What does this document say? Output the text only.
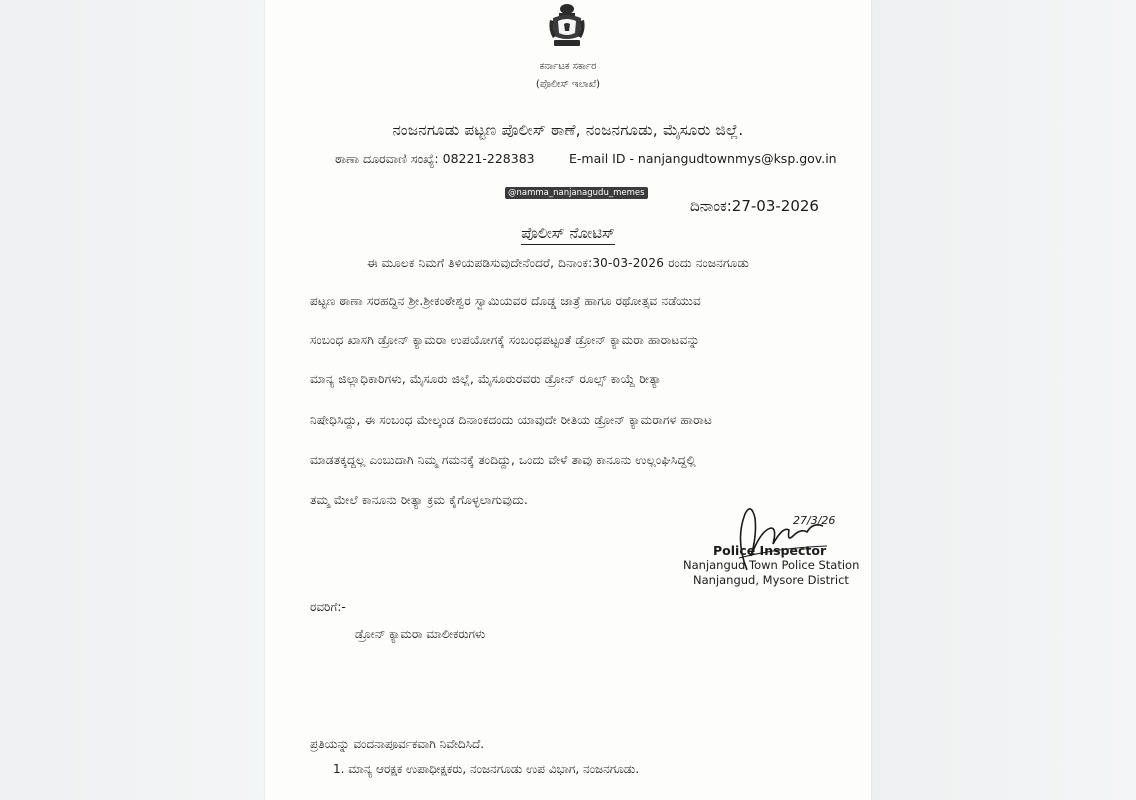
ಕರ್ನಾಟಕ ಸರ್ಕಾರ
(ಪೊಲೀಸ್ ಇಲಾಖೆ)
ನಂಜನಗೂಡು ಪಟ್ಟಣ ಪೊಲೀಸ್ ಠಾಣೆ, ನಂಜನಗೂಡು, ಮೈಸೂರು ಜಿಲ್ಲೆ.
ಠಾಣಾ ದೂರವಾಣಿ ಸಂಖ್ಯೆ: 08221-228383	E-mail ID - nanjangudtownmys@ksp.gov.in
@namma_nanjanagudu_memes
ದಿನಾಂಕ:27-03-2026
ಪೊಲೀಸ್ ನೋಟಿಸ್
ಈ ಮೂಲಕ ನಿಮಗೆ ತಿಳಿಯಪಡಿಸುವುದೇನೆಂದರೆ, ದಿನಾಂಕ:30-03-2026 ರಂದು ನಂಜನಗೂಡು
ಪಟ್ಟಣ ಠಾಣಾ ಸರಹದ್ದಿನ ಶ್ರೀ.ಶ್ರೀಕಂಠೇಶ್ವರ ಸ್ವಾಮಿಯವರ ದೊಡ್ಡ ಜಾತ್ರೆ ಹಾಗೂ ರಥೋತ್ಸವ ನಡೆಯುವ
ಸಂಬಂಧ ಖಾಸಗಿ ಡ್ರೋನ್ ಕ್ಯಾಮರಾ ಉಪಯೋಗಕ್ಕೆ ಸಂಬಂಧಪಟ್ಟಂತೆ ಡ್ರೋನ್ ಕ್ಯಾಮರಾ ಹಾರಾಟವನ್ನು
ಮಾನ್ಯ ಜಿಲ್ಲಾಧಿಕಾರಿಗಳು, ಮೈಸೂರು ಜಿಲ್ಲೆ, ಮೈಸೂರುರವರು ಡ್ರೋನ್ ರೂಲ್ಸ್ ಕಾಯ್ದೆ ರೀತ್ಯಾ
ನಿಷೇಧಿಸಿದ್ದು, ಈ ಸಂಬಂಧ ಮೇಲ್ಕಂಡ ದಿನಾಂಕದಂದು ಯಾವುದೇ ರೀತಿಯ ಡ್ರೋನ್ ಕ್ಯಾಮರಾಗಳ ಹಾರಾಟ
ಮಾಡತಕ್ಕದ್ದಲ್ಲ ಎಂಬುದಾಗಿ ನಿಮ್ಮ ಗಮನಕ್ಕೆ ತಂದಿದ್ದು, ಒಂದು ವೇಳೆ ತಾವು ಕಾನೂನು ಉಲ್ಲಂಘಿಸಿದ್ದಲ್ಲಿ
ತಮ್ಮ ಮೇಲೆ ಕಾನೂನು ರೀತ್ಯಾ ಕ್ರಮ ಕೈಗೊಳ್ಳಲಾಗುವುದು.
27/3/26
Police Inspector
Nanjangud Town Police Station
Nanjangud, Mysore District
ರವರಿಗೆ:-
ಡ್ರೋನ್ ಕ್ಯಾಮರಾ ಮಾಲೀಕರುಗಳು
ಪ್ರತಿಯನ್ನು ವಂದನಾಪೂರ್ವಕವಾಗಿ ನಿವೇದಿಸಿದೆ.
1. ಮಾನ್ಯ ಆರಕ್ಷಕ ಉಪಾಧೀಕ್ಷಕರು, ನಂಜನಗೂಡು ಉಪ ವಿಭಾಗ, ನಂಜನಗೂಡು.
